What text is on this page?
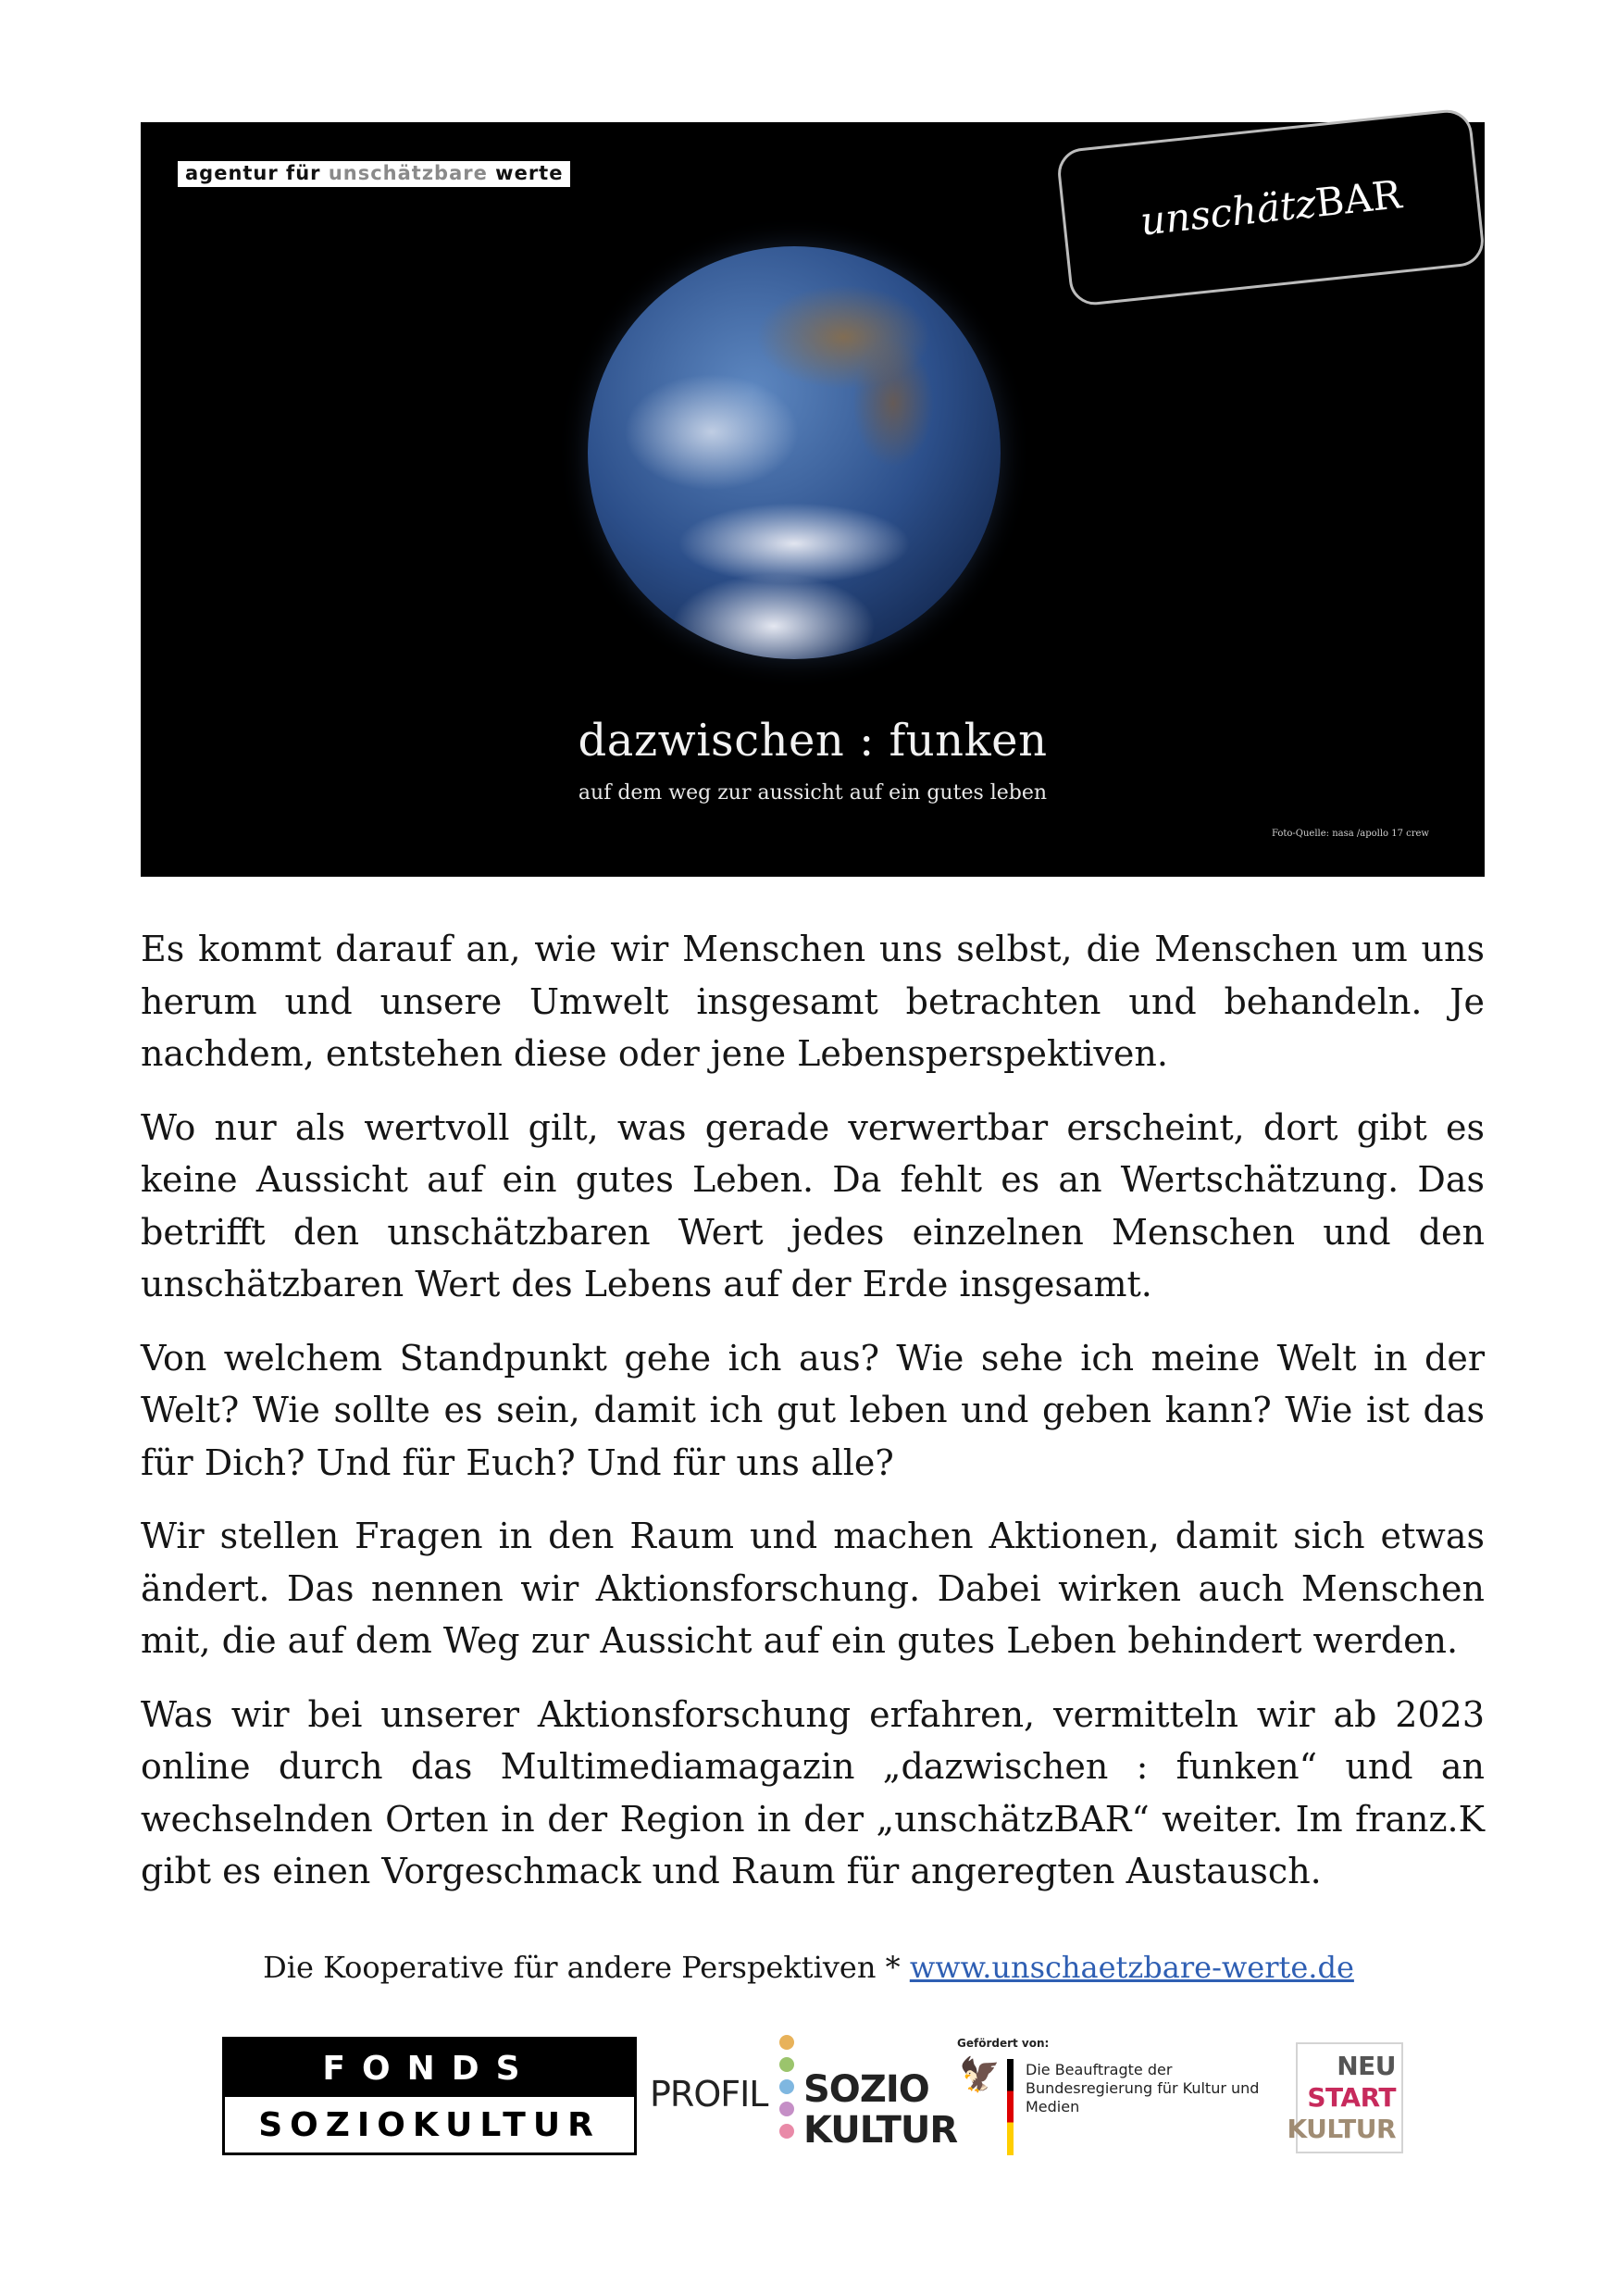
agentur für unschätzbare werte
dazwischen : funken
auf dem weg zur aussicht auf ein gutes leben
Foto-Quelle: nasa /apollo 17 crew
unschätz
BAR

Es kommt darauf an, wie wir Menschen uns selbst, die Menschen um uns herum und unsere Umwelt insgesamt betrachten und behandeln. Je nachdem, entstehen diese oder jene Lebensperspektiven.

Wo nur als wertvoll gilt, was gerade verwertbar erscheint, dort gibt es keine Aussicht auf ein gutes Leben. Da fehlt es an Wertschätzung. Das betrifft den unschätzbaren Wert jedes einzelnen Menschen und den unschätzbaren Wert des Lebens auf der Erde insgesamt.

Von welchem Standpunkt gehe ich aus? Wie sehe ich meine Welt in der Welt? Wie sollte es sein, damit ich gut leben und geben kann? Wie ist das für Dich? Und für Euch? Und für uns alle?

Wir stellen Fragen in den Raum und machen Aktionen, damit sich etwas ändert. Das nennen wir Aktionsforschung. Dabei wirken auch Menschen mit, die auf dem Weg zur Aussicht auf ein gutes Leben behindert werden.

Was wir bei unserer Aktionsforschung erfahren, vermitteln wir ab 2023 online durch das Multimediamagazin „dazwischen : funken“ und an wechselnden Orten in der Region in der „unschätzBAR“ weiter. Im franz.K gibt es einen Vorgeschmack und Raum für angeregten Austausch.

Die Kooperative für andere Perspektiven * www.unschaetzbare-werte.de
FONDS
SOZIOKULTUR
PROFIL SOZIO
KULTUR
Gefördert von:
🦅 Die Beauftragte der Bundesregierung für Kultur und Medien
NEU
START
KULTUR
